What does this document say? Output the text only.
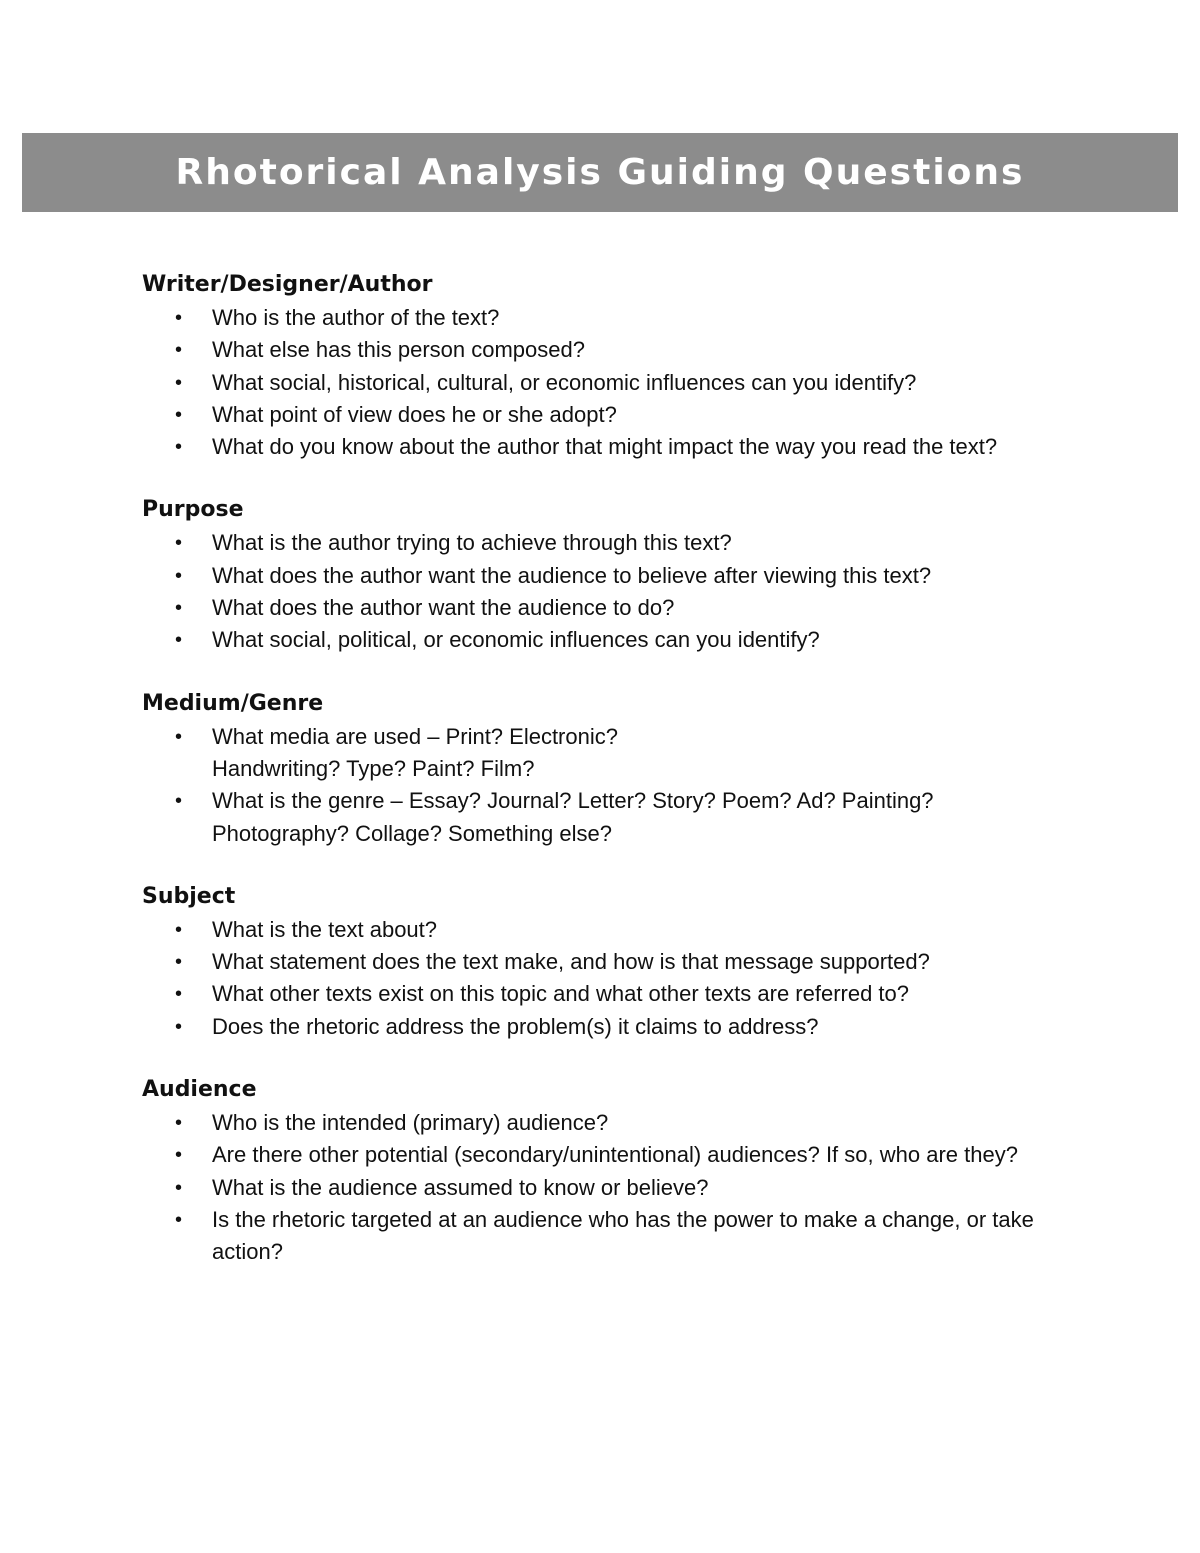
Rhotorical Analysis Guiding Questions
Writer/Designer/Author
• Who is the author of the text?
• What else has this person composed?
• What social, historical, cultural, or economic influences can you identify?
• What point of view does he or she adopt?
• What do you know about the author that might impact the way you read the text?
Purpose
• What is the author trying to achieve through this text?
• What does the author want the audience to believe after viewing this text?
• What does the author want the audience to do?
• What social, political, or economic influences can you identify?
Medium/Genre
• What media are used – Print? Electronic? Handwriting? Type? Paint? Film?
• What is the genre – Essay? Journal? Letter? Story? Poem? Ad? Painting? Photography? Collage? Something else?
Subject
• What is the text about?
• What statement does the text make, and how is that message supported?
• What other texts exist on this topic and what other texts are referred to?
• Does the rhetoric address the problem(s) it claims to address?
Audience
• Who is the intended (primary) audience?
• Are there other potential (secondary/unintentional) audiences? If so, who are they?
• What is the audience assumed to know or believe?
• Is the rhetoric targeted at an audience who has the power to make a change, or take action?
